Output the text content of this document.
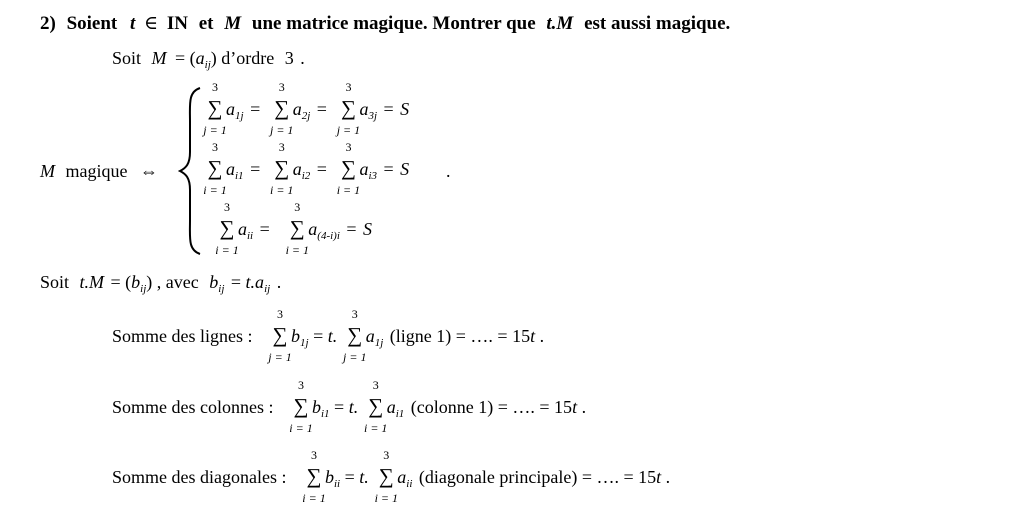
2) Soient t ∈ IN et M une matrice magique. Montrer que t.M est aussi magique.
Soit $M = (a_{ij})$ d’ordre 3 .
M magique ⇔
3
∑
j = 1
$a_{1j}$ =
3
∑
j = 1
$a_{2j}$ =
3
∑
j = 1
$a_{3j} = S$
3
∑
i = 1
$a_{i1}$ =
3
∑
i = 1
$a_{i2}$ =
3
∑
i = 1
$a_{i3} = S$ .
3
∑
i = 1
$a_{ii}$ =
3
∑
i = 1
$a_{(4-i)i} = S$
Soit $t.M = (b_{ij})$ , avec $b_{ij} = t.a_{ij}$ .
Somme des lignes :
3
∑
j = 1
$b_{1j} = t$.
3
∑
j = 1
$a_{1j}$ (ligne 1) = …. = 15t .
Somme des colonnes :
3
∑
i = 1
$b_{i1} = t$.
3
∑
i = 1
$a_{i1}$ (colonne 1) = …. = 15t .
Somme des diagonales :
3
∑
i = 1
$b_{ii} = t$.
3
∑
i = 1
$a_{ii}$ (diagonale principale) = …. = 15t .
